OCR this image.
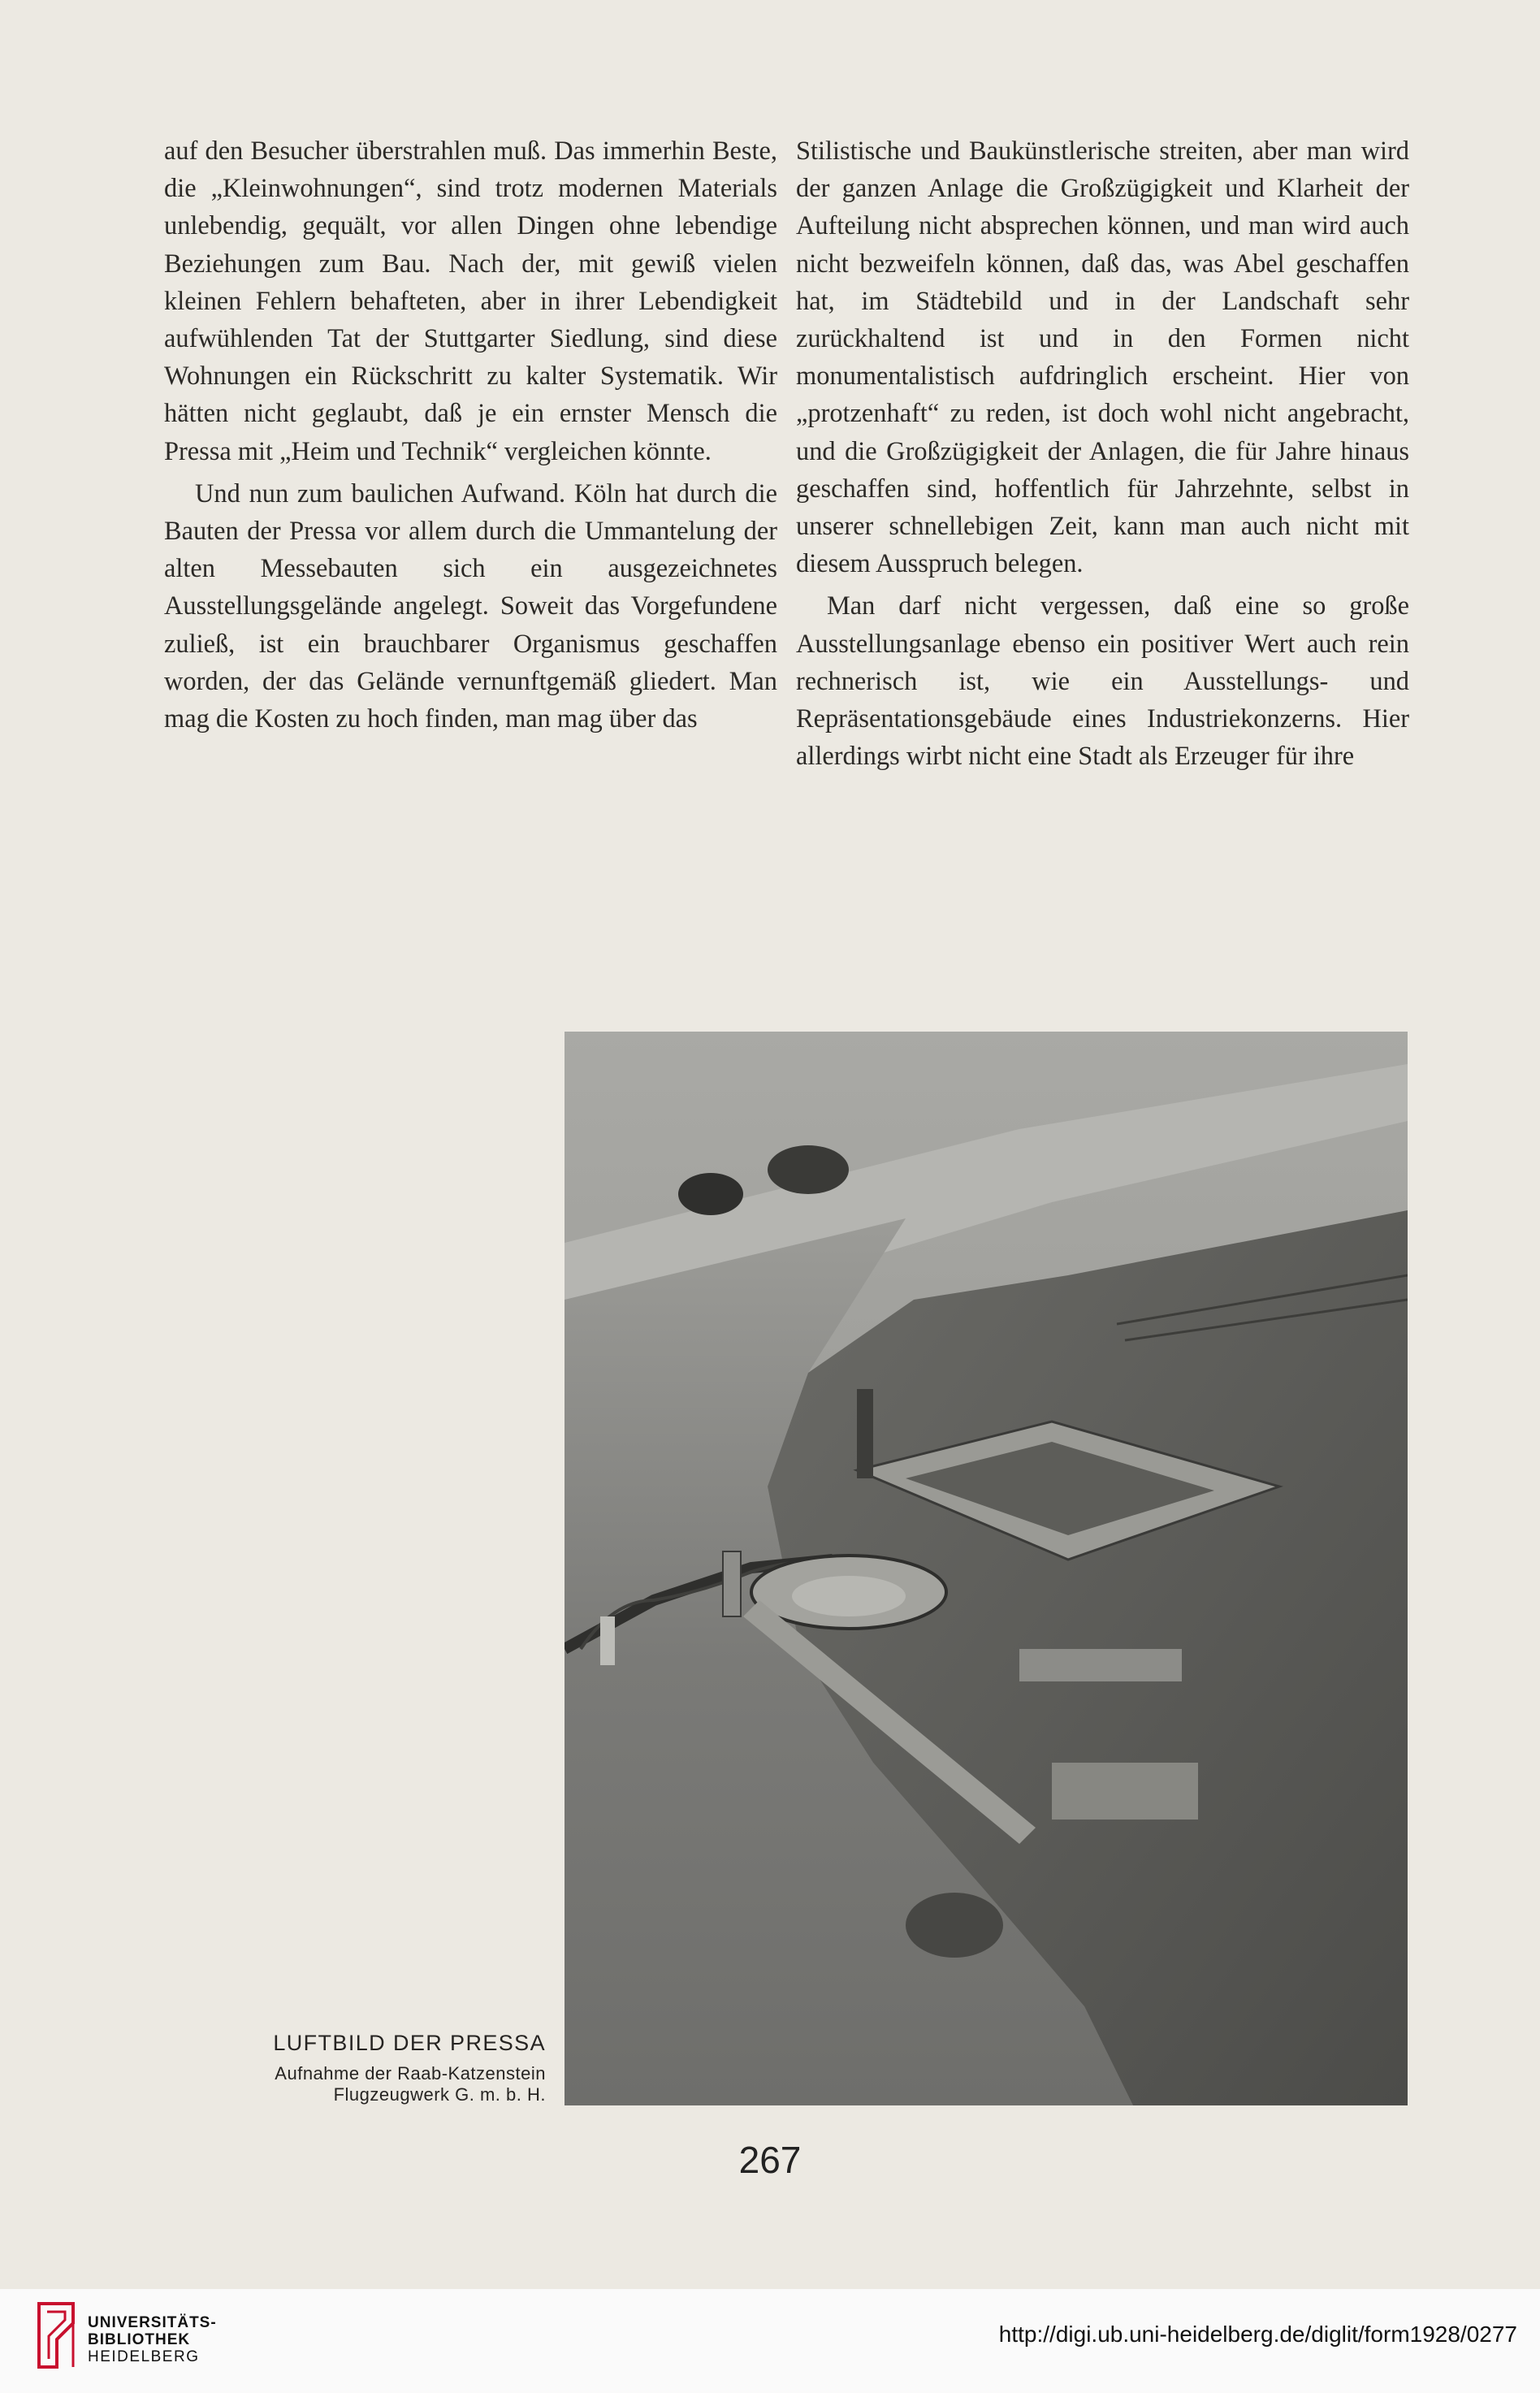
auf den Besucher überstrahlen muß. Das immerhin Beste, die „Kleinwohnungen“, sind trotz modernen Materials unlebendig, gequält, vor allen Dingen ohne lebendige Beziehungen zum Bau. Nach der, mit gewiß vielen kleinen Fehlern behafteten, aber in ihrer Lebendigkeit aufwühlenden Tat der Stuttgarter Siedlung, sind diese Wohnungen ein Rückschritt zu kalter Systematik. Wir hätten nicht geglaubt, daß je ein ernster Mensch die Pressa mit „Heim und Technik“ vergleichen könnte.

Und nun zum baulichen Aufwand. Köln hat durch die Bauten der Pressa vor allem durch die Ummantelung der alten Messebauten sich ein ausgezeichnetes Ausstellungsgelände angelegt. Soweit das Vorgefundene zuließ, ist ein brauchbarer Organismus geschaffen worden, der das Gelände vernunftgemäß gliedert. Man mag die Kosten zu hoch finden, man mag über das

Stilistische und Baukünstlerische streiten, aber man wird der ganzen Anlage die Großzügigkeit und Klarheit der Aufteilung nicht absprechen können, und man wird auch nicht bezweifeln können, daß das, was Abel geschaffen hat, im Städtebild und in der Landschaft sehr zurückhaltend ist und in den Formen nicht monumentalistisch aufdringlich erscheint. Hier von „protzenhaft“ zu reden, ist doch wohl nicht angebracht, und die Großzügigkeit der Anlagen, die für Jahre hinaus geschaffen sind, hoffentlich für Jahrzehnte, selbst in unserer schnellebigen Zeit, kann man auch nicht mit diesem Ausspruch belegen.

Man darf nicht vergessen, daß eine so große Ausstellungsanlage ebenso ein positiver Wert auch rein rechnerisch ist, wie ein Ausstellungs- und Repräsentationsgebäude eines Industriekonzerns. Hier allerdings wirbt nicht eine Stadt als Erzeuger für ihre

LUFTBILD DER PRESSA
Aufnahme der Raab-Katzenstein
Flugzeugwerk G. m. b. H.
267
UNIVERSITÄTS-
BIBLIOTHEK
HEIDELBERG
http://digi.ub.uni-heidelberg.de/diglit/form1928/0277
